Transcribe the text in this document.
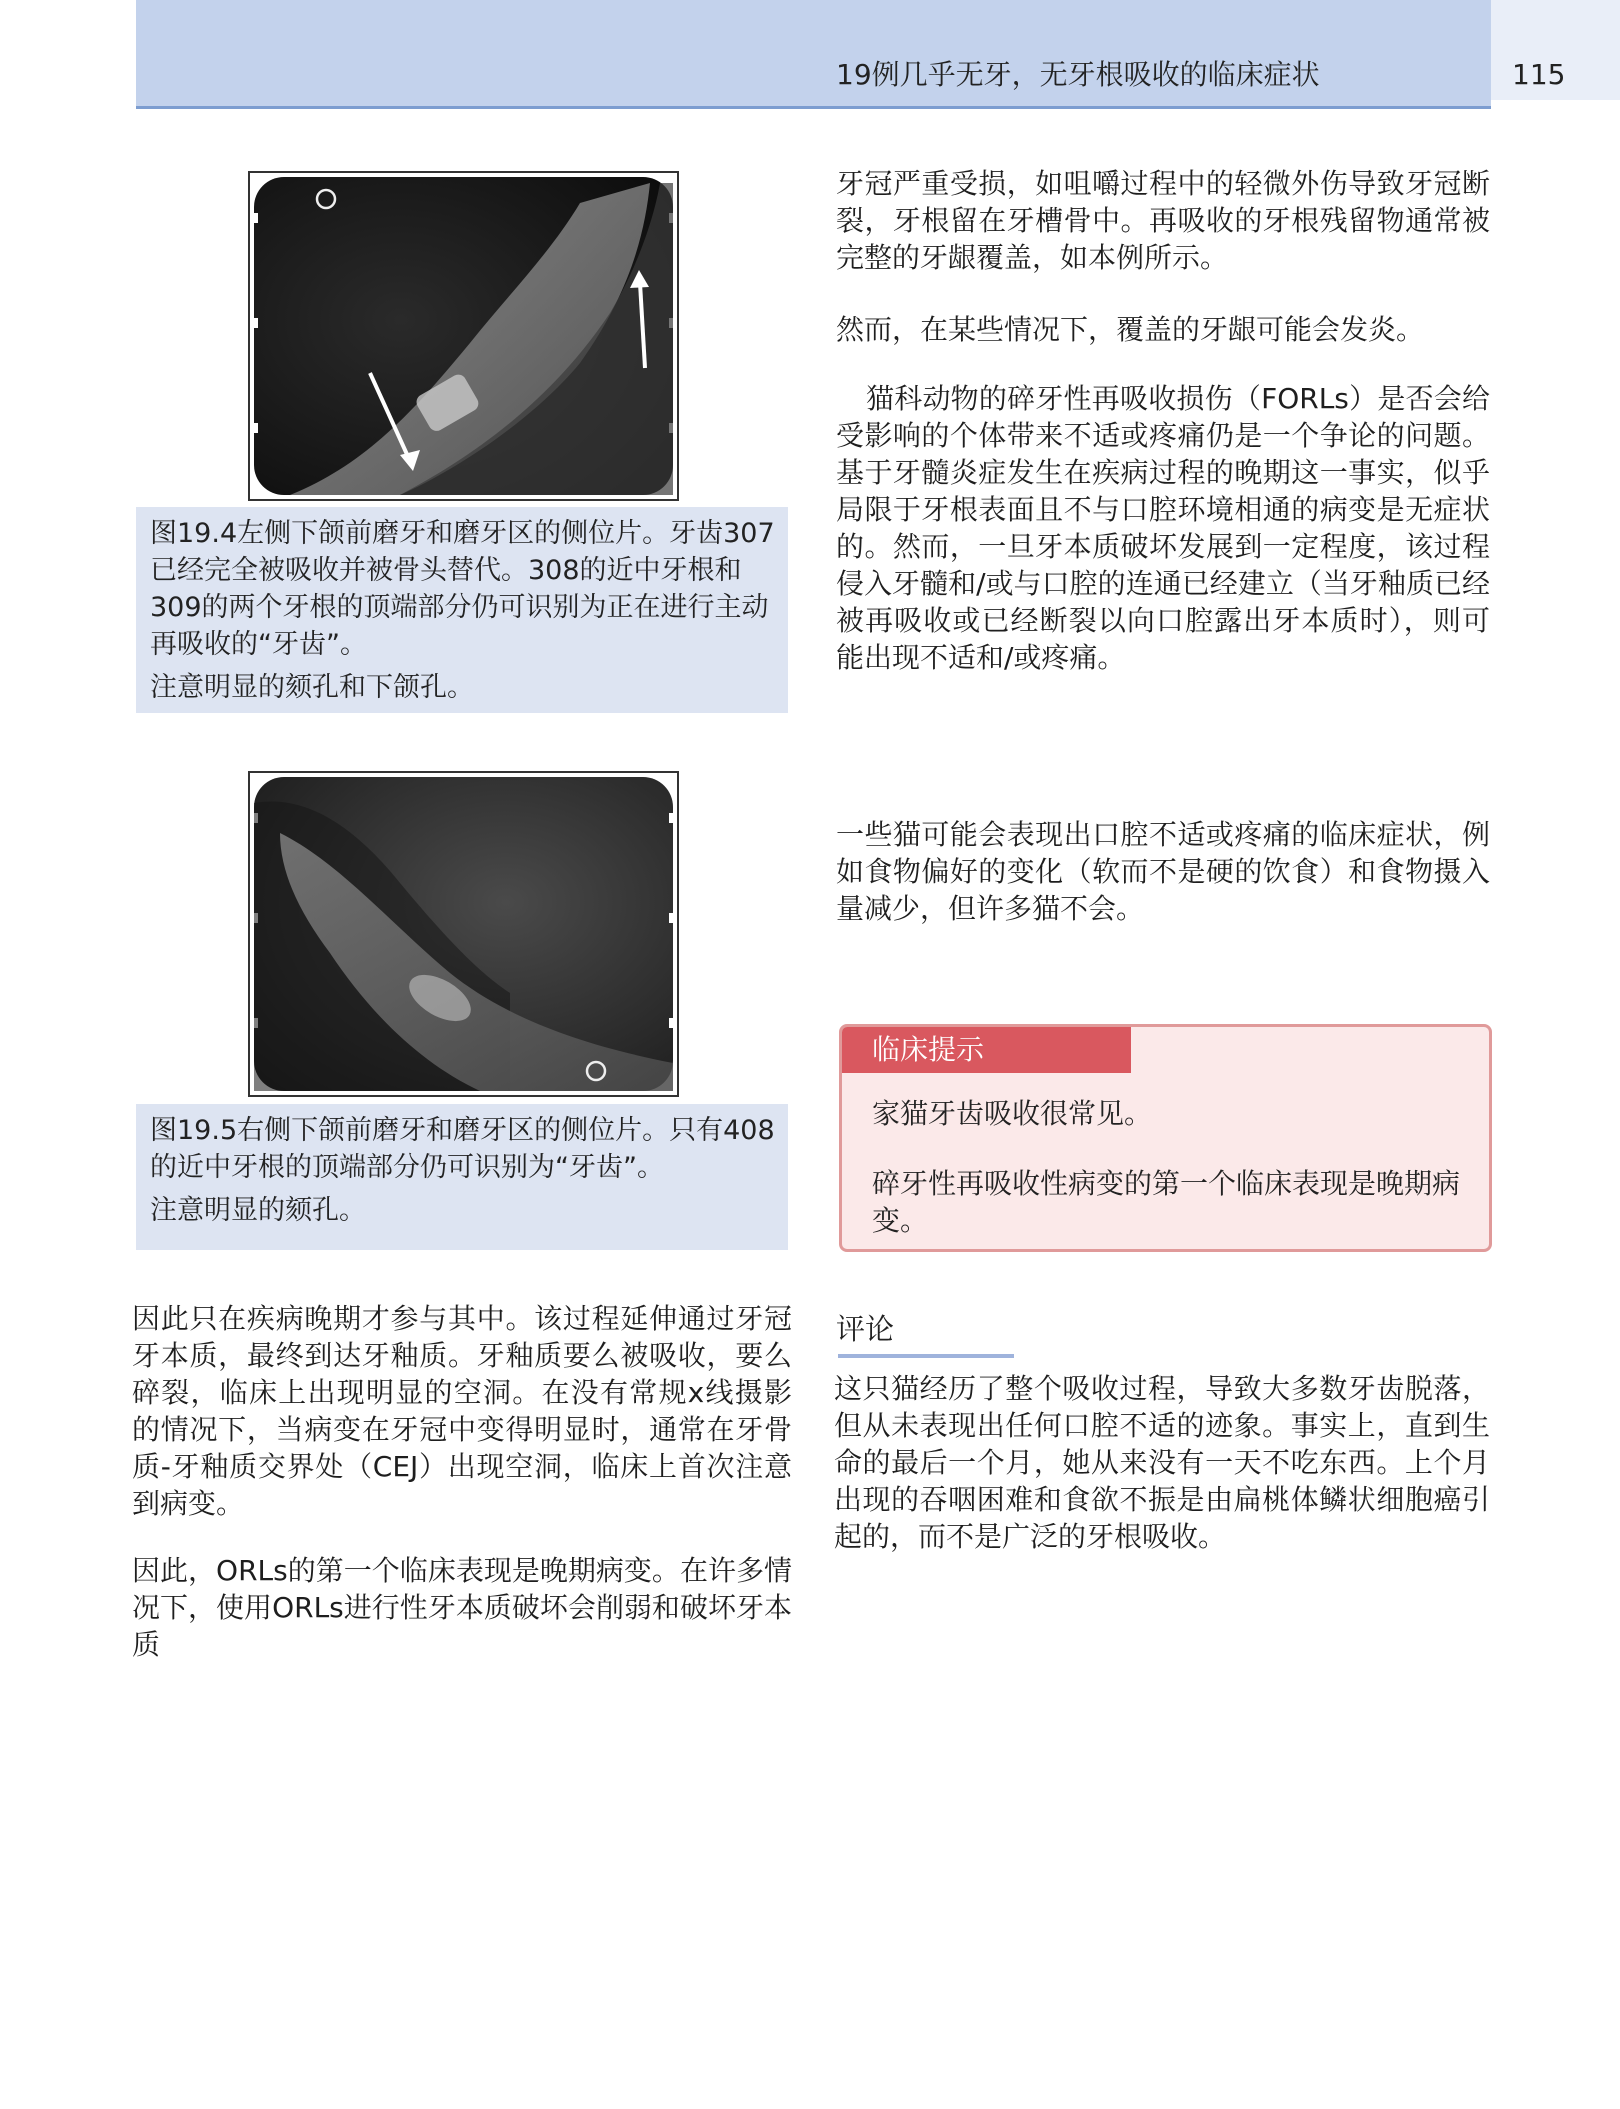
19例几乎无牙，无牙根吸收的临床症状	115

图19.4左侧下颌前磨牙和磨牙区的侧位片。牙齿307已经完全被吸收并被骨头替代。308的近中牙根和309的两个牙根的顶端部分仍可识别为正在进行主动再吸收的“牙齿”。

注意明显的颏孔和下颌孔。

图19.5右侧下颌前磨牙和磨牙区的侧位片。只有408的近中牙根的顶端部分仍可识别为“牙齿”。

注意明显的颏孔。

因此只在疾病晚期才参与其中。该过程延伸通过牙冠牙本质，最终到达牙釉质。牙釉质要么被吸收，要么碎裂，临床上出现明显的空洞。在没有常规x线摄影的情况下，当病变在牙冠中变得明显时，通常在牙骨质-牙釉质交界处（CEJ）出现空洞，临床上首次注意到病变。

因此，ORLs的第一个临床表现是晚期病变。在许多情况下，使用ORLs进行性牙本质破坏会削弱和破坏牙本质

牙冠严重受损，如咀嚼过程中的轻微外伤导致牙冠断裂，牙根留在牙槽骨中。再吸收的牙根残留物通常被完整的牙龈覆盖，如本例所示。

然而，在某些情况下，覆盖的牙龈可能会发炎。

猫科动物的碎牙性再吸收损伤（FORLs）是否会给受影响的个体带来不适或疼痛仍是一个争论的问题。基于牙髓炎症发生在疾病过程的晚期这一事实，似乎局限于牙根表面且不与口腔环境相通的病变是无症状的。然而，一旦牙本质破坏发展到一定程度，该过程侵入牙髓和/或与口腔的连通已经建立（当牙釉质已经被再吸收或已经断裂以向口腔露出牙本质时），则可能出现不适和/或疼痛。

一些猫可能会表现出口腔不适或疼痛的临床症状，例如食物偏好的变化（软而不是硬的饮食）和食物摄入量减少，但许多猫不会。

临床提示
家猫牙齿吸收很常见。
碎牙性再吸收性病变的第一个临床表现是晚期病变。
评论

这只猫经历了整个吸收过程，导致大多数牙齿脱落，但从未表现出任何口腔不适的迹象。事实上，直到生命的最后一个月，她从来没有一天不吃东西。上个月出现的吞咽困难和食欲不振是由扁桃体鳞状细胞癌引起的，而不是广泛的牙根吸收。
